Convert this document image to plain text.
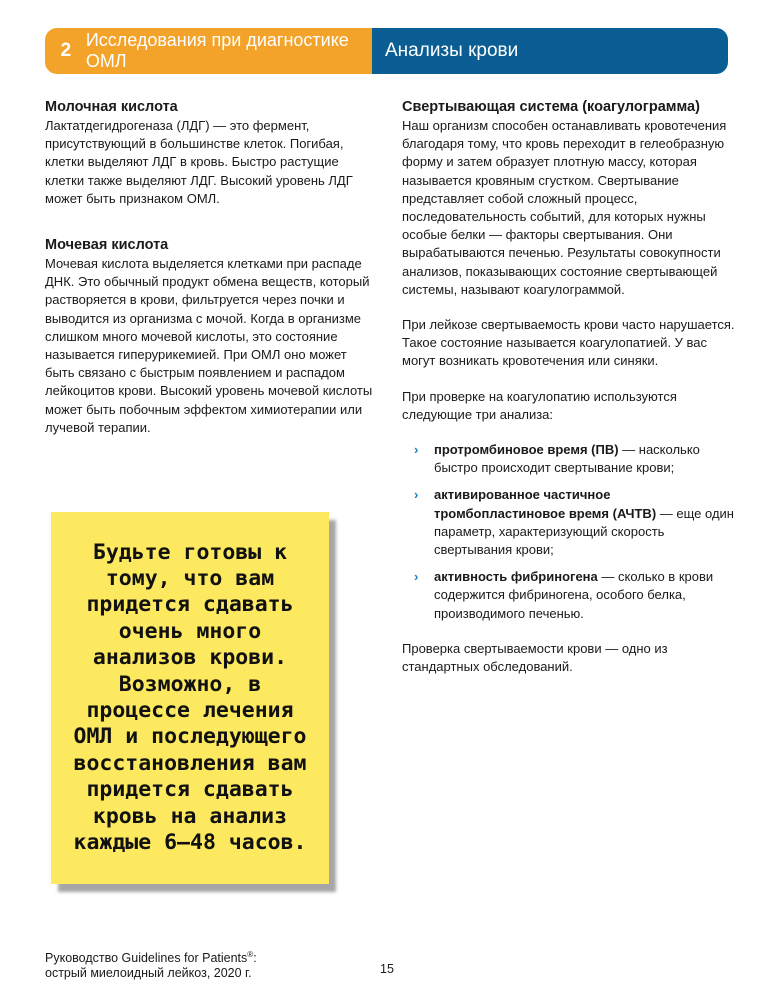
2 Исследования при диагностике ОМЛ	Анализы крови
Молочная кислота

Лактатдегидрогеназа (ЛДГ) — это фермент, присутствующий в большинстве клеток. Погибая, клетки выделяют ЛДГ в кровь. Быстро растущие клетки также выделяют ЛДГ. Высокий уровень ЛДГ может быть признаком ОМЛ.

Мочевая кислота

Мочевая кислота выделяется клетками при распаде ДНК. Это обычный продукт обмена веществ, который растворяется в крови, фильтруется через почки и выводится из организма с мочой. Когда в организме слишком много мочевой кислоты, это состояние называется гиперурикемией. При ОМЛ оно может быть связано с быстрым появлением и распадом лейкоцитов крови. Высокий уровень мочевой кислоты может быть побочным эффектом химиотерапии или лучевой терапии.

Будьте готовы к тому, что вам придется сдавать очень много анализов крови. Возможно, в процессе лечения ОМЛ и последующего восстановления вам придется сдавать кровь на анализ каждые 6–48 часов.
Свертывающая система (коагулограмма)

Наш организм способен останавливать кровотечения благодаря тому, что кровь переходит в гелеобразную форму и затем образует плотную массу, которая называется кровяным сгустком. Свертывание представляет собой сложный процесс, последовательность событий, для которых нужны особые белки — факторы свертывания. Они вырабатываются печенью. Результаты совокупности анализов, показывающих состояние свертывающей системы, называют коагулограммой.

При лейкозе свертываемость крови часто нарушается. Такое состояние называется коагулопатией. У вас могут возникать кровотечения или синяки.

При проверке на коагулопатию используются следующие три анализа:

› протромбиновое время (ПВ) — насколько быстро происходит свертывание крови;
› активированное частичное тромбопластиновое время (АЧТВ) — еще один параметр, характеризующий скорость свертывания крови;
› активность фибриногена — сколько в крови содержится фибриногена, особого белка, производимого печенью.

Проверка свертываемости крови — одно из стандартных обследований.

Руководство Guidelines for Patients®:
острый миелоидный лейкоз, 2020 г.	15
